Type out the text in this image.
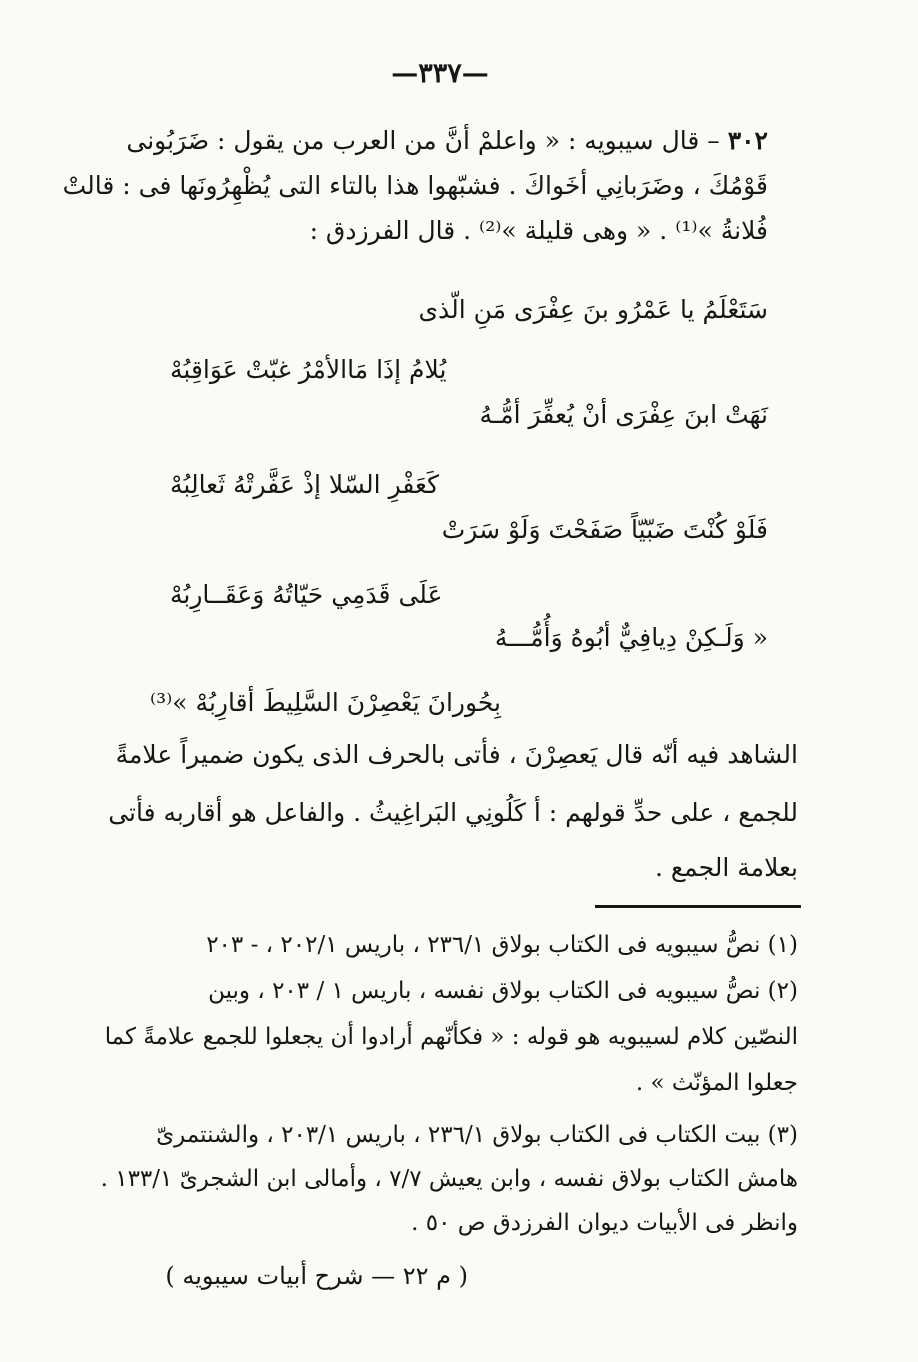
—٣٣٧—
٣٠٢ – قال سيبويه : « واعلمْ أنَّ من العرب من يقول : ضَرَبُونى
قَوْمُكَ ، وضَرَبانِي أخَواكَ . فشبّهوا هذا بالتاء التى يُظْهِرُونَها فى : قالتْ
فُلانةُ »⁽¹⁾ . « وهى قليلة »⁽²⁾ . قال الفرزدق :
سَتَعْلَمُ يا عَمْرُو بنَ عِفْرَى مَنِ الّذى
يُلامُ إذَا مَاالأمْرُ غبّتْ عَوَاقِبُهْ
نَهَتْ ابنَ عِفْرَى أنْ يُعفِّرَ أمُّـهُ
كَعَفْرِ السّلا إذْ عَفَّرتْهُ ثَعالِبُهْ
فَلَوْ كُنْتَ ضَبّيّاً صَفَحْتَ وَلَوْ سَرَتْ
عَلَى قَدَمِي حَيّاتُهُ وَعَقَــارِبُهْ
« وَلَـكِنْ دِيافِيٌّ أبُوهُ وَأُمُّـــهُ
بِحُورانَ يَعْصِرْنَ السَّلِيطَ أقارِبُهْ »⁽³⁾
الشاهد فيه أنّه قال يَعصِرْنَ ، فأتى بالحرف الذى يكون ضميراً علامةً
للجمع ، على حدِّ قولهم : أ كَلُونِي البَراغِيثُ . والفاعل هو أقاربه فأتى
بعلامة الجمع .
(١) نصُّ سيبويه فى الكتاب بولاق ٢٣٦/١ ، باريس ٢٠٢/١ ، - ٢٠٣
(٢) نصُّ سيبويه فى الكتاب بولاق نفسه ، باريس ١ / ٢٠٣ ، وبين
النصّين كلام لسيبويه هو قوله : « فكأنّهم أرادوا أن يجعلوا للجمع علامةً كما
جعلوا المؤنّث » .
(٣) بيت الكتاب فى الكتاب بولاق ٢٣٦/١ ، باريس ٢٠٣/١ ، والشنتمرىّ
هامش الكتاب بولاق نفسه ، وابن يعيش ٧/٧ ، وأمالى ابن الشجرىّ ١٣٣/١ .
وانظر فى الأبيات ديوان الفرزدق ص ٥٠ .
( م ٢٢ — شرح أبيات سيبويه )
